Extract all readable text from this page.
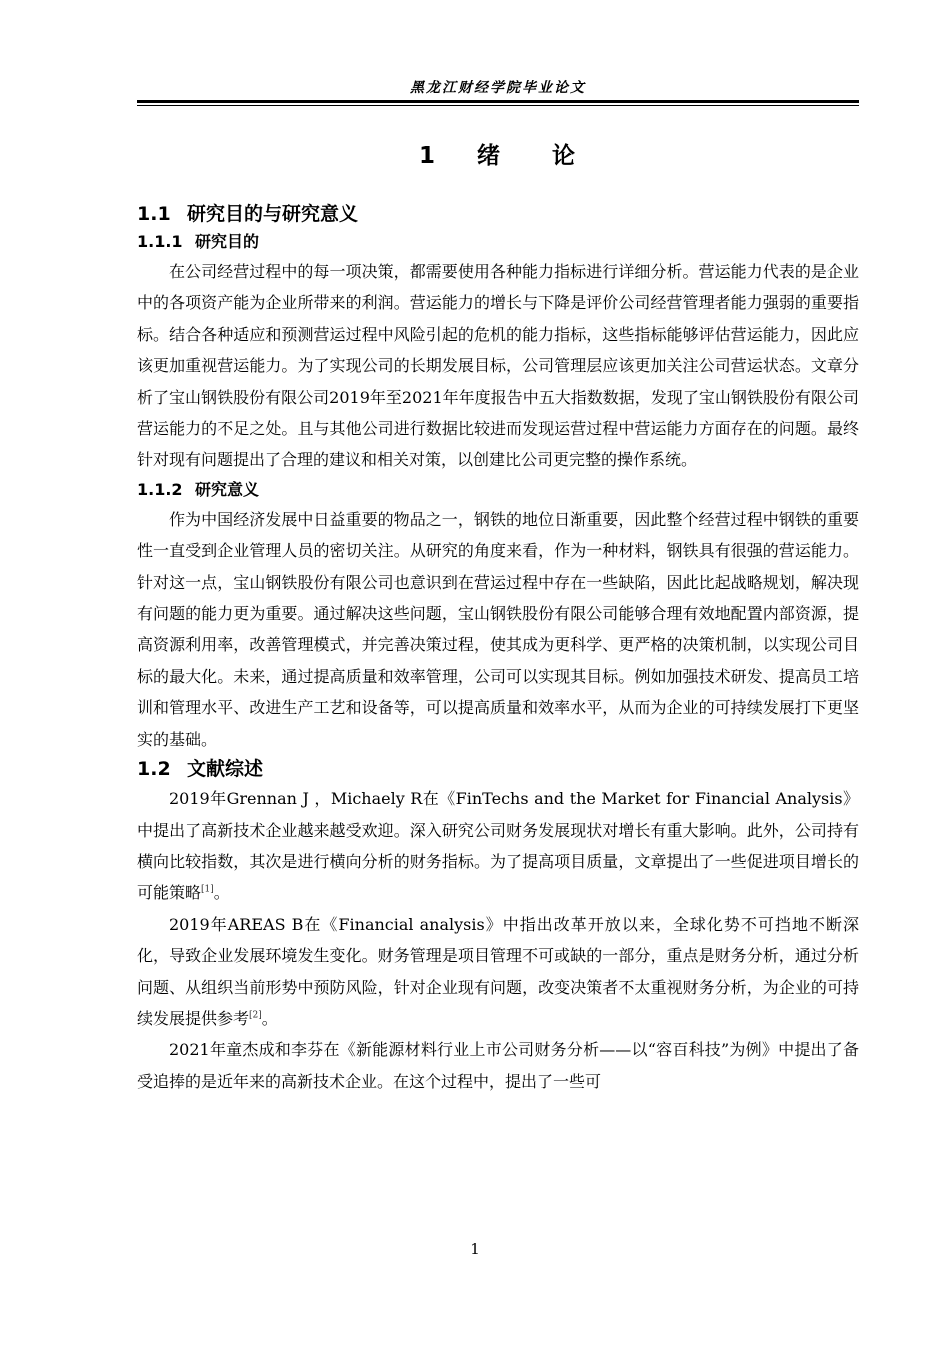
黑龙江财经学院毕业论文
1 绪　　论
1.1 研究目的与研究意义
1.1.1 研究目的

在公司经营过程中的每一项决策，都需要使用各种能力指标进行详细分析。营运能力代表的是企业中的各项资产能为企业所带来的利润。营运能力的增长与下降是评价公司经营管理者能力强弱的重要指标。结合各种适应和预测营运过程中风险引起的危机的能力指标，这些指标能够评估营运能力，因此应该更加重视营运能力。为了实现公司的长期发展目标，公司管理层应该更加关注公司营运状态。文章分析了宝山钢铁股份有限公司2019年至2021年年度报告中五大指数数据，发现了宝山钢铁股份有限公司营运能力的不足之处。且与其他公司进行数据比较进而发现运营过程中营运能力方面存在的问题。最终针对现有问题提出了合理的建议和相关对策，以创建比公司更完整的操作系统。

1.1.2 研究意义

作为中国经济发展中日益重要的物品之一，钢铁的地位日渐重要，因此整个经营过程中钢铁的重要性一直受到企业管理人员的密切关注。从研究的角度来看，作为一种材料，钢铁具有很强的营运能力。针对这一点，宝山钢铁股份有限公司也意识到在营运过程中存在一些缺陷，因此比起战略规划，解决现有问题的能力更为重要。通过解决这些问题，宝山钢铁股份有限公司能够合理有效地配置内部资源，提高资源利用率，改善管理模式，并完善决策过程，使其成为更科学、更严格的决策机制，以实现公司目标的最大化。未来，通过提高质量和效率管理，公司可以实现其目标。例如加强技术研发、提高员工培训和管理水平、改进生产工艺和设备等，可以提高质量和效率水平，从而为企业的可持续发展打下更坚实的基础。

1.2 文献综述

2019年Grennan J ，Michaely R在《FinTechs and the Market for Financial Analysis》中提出了高新技术企业越来越受欢迎。深入研究公司财务发展现状对增长有重大影响。此外，公司持有横向比较指数，其次是进行横向分析的财务指标。为了提高项目质量，文章提出了一些促进项目增长的可能策略[1]。

2019年AREAS B在《Financial analysis》中指出改革开放以来，全球化势不可挡地不断深化，导致企业发展环境发生变化。财务管理是项目管理不可或缺的一部分，重点是财务分析，通过分析问题、从组织当前形势中预防风险，针对企业现有问题，改变决策者不太重视财务分析，为企业的可持续发展提供参考[2]。

2021年童杰成和李芬在《新能源材料行业上市公司财务分析——以“容百科技”为例》中提出了备受追捧的是近年来的高新技术企业。在这个过程中，提出了一些可

1
